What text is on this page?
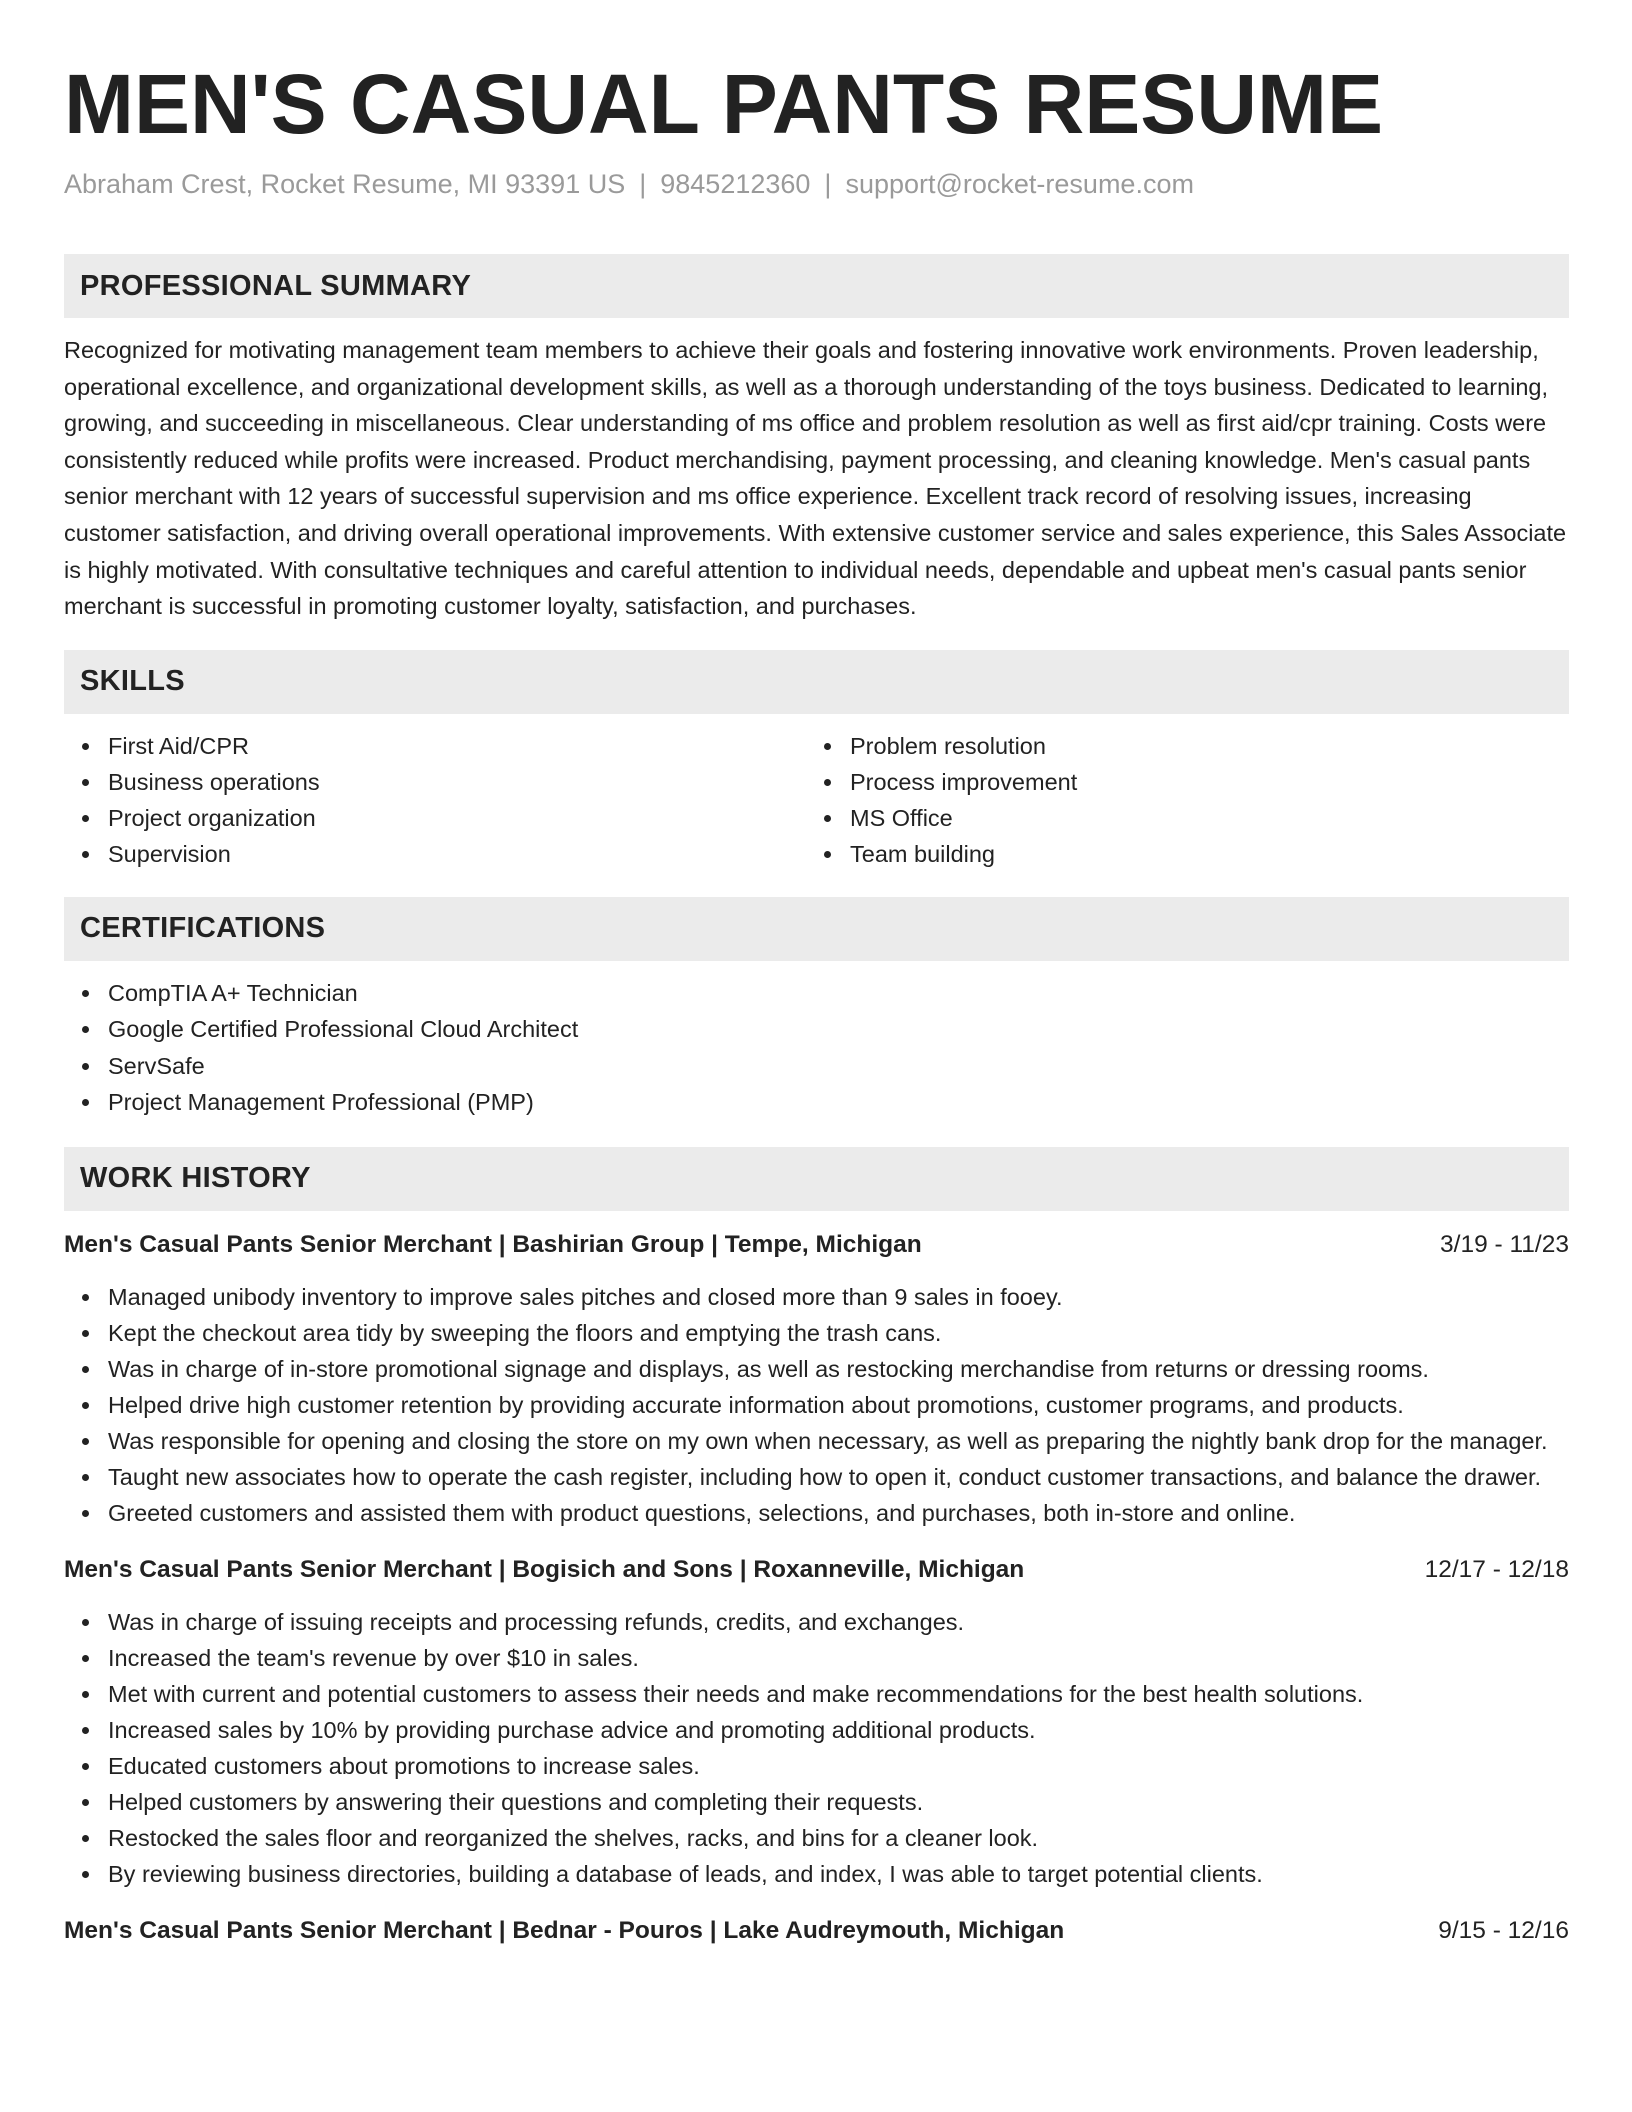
MEN'S CASUAL PANTS RESUME
Abraham Crest, Rocket Resume, MI 93391 US | 9845212360 | support@rocket-resume.com
PROFESSIONAL SUMMARY

Recognized for motivating management team members to achieve their goals and fostering innovative work environments. Proven leadership, operational excellence, and organizational development skills, as well as a thorough understanding of the toys business. Dedicated to learning, growing, and succeeding in miscellaneous. Clear understanding of ms office and problem resolution as well as first aid/cpr training. Costs were consistently reduced while profits were increased. Product merchandising, payment processing, and cleaning knowledge. Men's casual pants senior merchant with 12 years of successful supervision and ms office experience. Excellent track record of resolving issues, increasing customer satisfaction, and driving overall operational improvements. With extensive customer service and sales experience, this Sales Associate is highly motivated. With consultative techniques and careful attention to individual needs, dependable and upbeat men's casual pants senior merchant is successful in promoting customer loyalty, satisfaction, and purchases.

SKILLS
First Aid/CPR
Business operations
Project organization
Supervision
Problem resolution
Process improvement
MS Office
Team building
CERTIFICATIONS
CompTIA A+ Technician
Google Certified Professional Cloud Architect
ServSafe
Project Management Professional (PMP)
WORK HISTORY
Men's Casual Pants Senior Merchant | Bashirian Group | Tempe, Michigan	3/19 - 11/23
Managed unibody inventory to improve sales pitches and closed more than 9 sales in fooey.
Kept the checkout area tidy by sweeping the floors and emptying the trash cans.
Was in charge of in-store promotional signage and displays, as well as restocking merchandise from returns or dressing rooms.
Helped drive high customer retention by providing accurate information about promotions, customer programs, and products.
Was responsible for opening and closing the store on my own when necessary, as well as preparing the nightly bank drop for the manager.
Taught new associates how to operate the cash register, including how to open it, conduct customer transactions, and balance the drawer.
Greeted customers and assisted them with product questions, selections, and purchases, both in-store and online.
Men's Casual Pants Senior Merchant | Bogisich and Sons | Roxanneville, Michigan	12/17 - 12/18
Was in charge of issuing receipts and processing refunds, credits, and exchanges.
Increased the team's revenue by over $10 in sales.
Met with current and potential customers to assess their needs and make recommendations for the best health solutions.
Increased sales by 10% by providing purchase advice and promoting additional products.
Educated customers about promotions to increase sales.
Helped customers by answering their questions and completing their requests.
Restocked the sales floor and reorganized the shelves, racks, and bins for a cleaner look.
By reviewing business directories, building a database of leads, and index, I was able to target potential clients.
Men's Casual Pants Senior Merchant | Bednar - Pouros | Lake Audreymouth, Michigan	9/15 - 12/16
